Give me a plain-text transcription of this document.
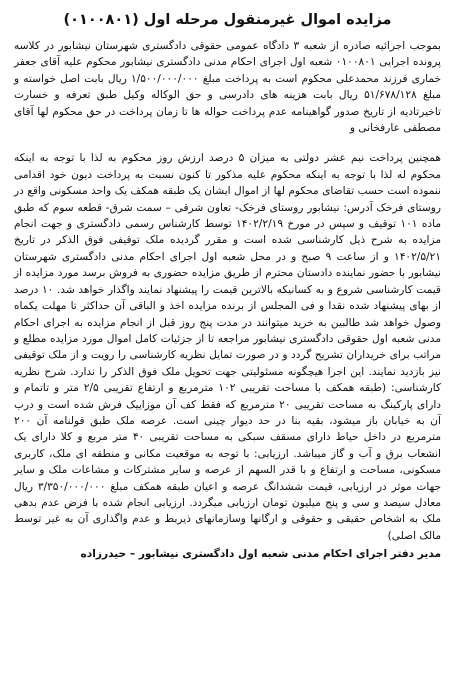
مزایده اموال غیرمنقول مرحله اول (۰۱۰۰۸۰۱)

بموجب اجرائیه صادره از شعبه ۳ دادگاه عمومی حقوقی دادگستری شهرستان نیشابور در کلاسه پرونده اجرایی ۰۱۰۰۸۰۱ شعبه اول اجرای احکام مدنی دادگستری نیشابور محکوم علیه آقای جعفر خماری فرزند محمدعلی محکوم است به پرداخت مبلغ ۱/۵۰۰/۰۰۰/۰۰۰ ریال بابت اصل خواسته و مبلغ ۵۱/۶۷۸/۱۲۸ ریال بابت هزینه های دادرسی و حق الوکاله وکیل طبق تعرفه و خسارت تاخیرتادیه از تاریخ صدور گواهینامه عدم پرداخت حواله ها تا زمان پرداخت در حق محکوم لها آقای مصطفی عارفخانی و

همچنین پرداخت نیم عشر دولتی به میزان ۵ درصد ارزش روز محکوم به لذا با توجه به اینکه محکوم له لذا با توجه به اینکه محکوم علیه مذکور تا کنون نسبت به پرداخت دیون خود اقدامی ننموده است حسب تقاضای محکوم لها از اموال ایشان یک طبقه همکف یک واحد مسکونی واقع در روستای فرخک آدرس: نیشابور روستای فرخک- تعاون شرقی – سمت شرق- قطعه سوم که طبق ماده ۱۰۱ توقیف و سپس در مورخ ۱۴۰۲/۲/۱۹ توسط کارشناس رسمی دادگستری و جهت انجام مزایده به شرح ذیل کارشناسی شده است و مقرر گردیده ملک توقیفی فوق الذکر در تاریخ ۱۴۰۲/۵/۲۱ و از ساعت ۹ صبح و در محل شعبه اول اجرای احکام مدنی دادگستری شهرستان نیشابور با حضور نماینده دادستان محترم از طریق مزایده حضوری به فروش برسد مورد مزایده از قیمت کارشناسی شروع و به کسانیکه بالاترین قیمت را پیشنهاد نمایند واگذار خواهد شد. ۱۰ درصد از بهای پیشنهاد شده نقدا و فی المجلس از برنده مزایده اخذ و الباقی آن حداکثر تا مهلت یکماه وصول خواهد شد طالبین به خرید میتوانند در مدت پنج روز قبل از انجام مزایده به اجرای احکام مدنی شعبه اول حقوقی دادگستری نیشابور مراجعه تا از جزئیات کامل اموال مورد مزایده مطلع و مراتب برای خریداران تشریح گردد و در صورت تمایل نظریه کارشناسی را رویت و از ملک توقیفی نیز بازدید نمایند. این اجرا هیچگونه مسئولیتی جهت تحویل ملک فوق الذکر را ندارد. شرح نظریه کارشناسی: (طبقه همکف با مساحت تقریبی ۱۰۲ مترمربع و ارتفاع تقریبی ۲/۵ متر و تاتمام و دارای پارکینگ به مساحت تقریبی ۲۰ مترمربع که فقط کف آن موزاییک فرش شده است و درب آن به خیابان باز میشود، بقیه بنا در حد دیوار چینی است. عرصه ملک طبق قولنامه آن ۲۰۰ مترمربع در داخل حیاط دارای مسقف سبکی به مساحت تقریبی ۴۰ متر مربع و کلا دارای یک انشعاب برق و آب و گاز میباشد. ارزیابی: با توجه به موقعیت مکانی و منطقه ای ملک، کاربری مسکونی، مساحت و ارتفاع و با قدر السهم از عرصه و سایر مشترکات و مشاعات ملک و سایر جهات موثر در ارزیابی، قیمت ششدانگ عرصه و اعیان طبقه همکف مبلغ ۳/۳۵۰/۰۰۰/۰۰۰ ریال معادل سیصد و سی و پنج میلیون تومان ارزیابی میگردد. ارزیابی انجام شده با فرض عدم بدهی ملک به اشخاص حقیقی و حقوقی و ارگانها وسازمانهای ذیربط و عدم واگذاری آن به غیر توسط مالک اصلی)

مدیر دفتر اجرای احکام مدنی شعبه اول دادگستری نیشابور – حیدرزاده
